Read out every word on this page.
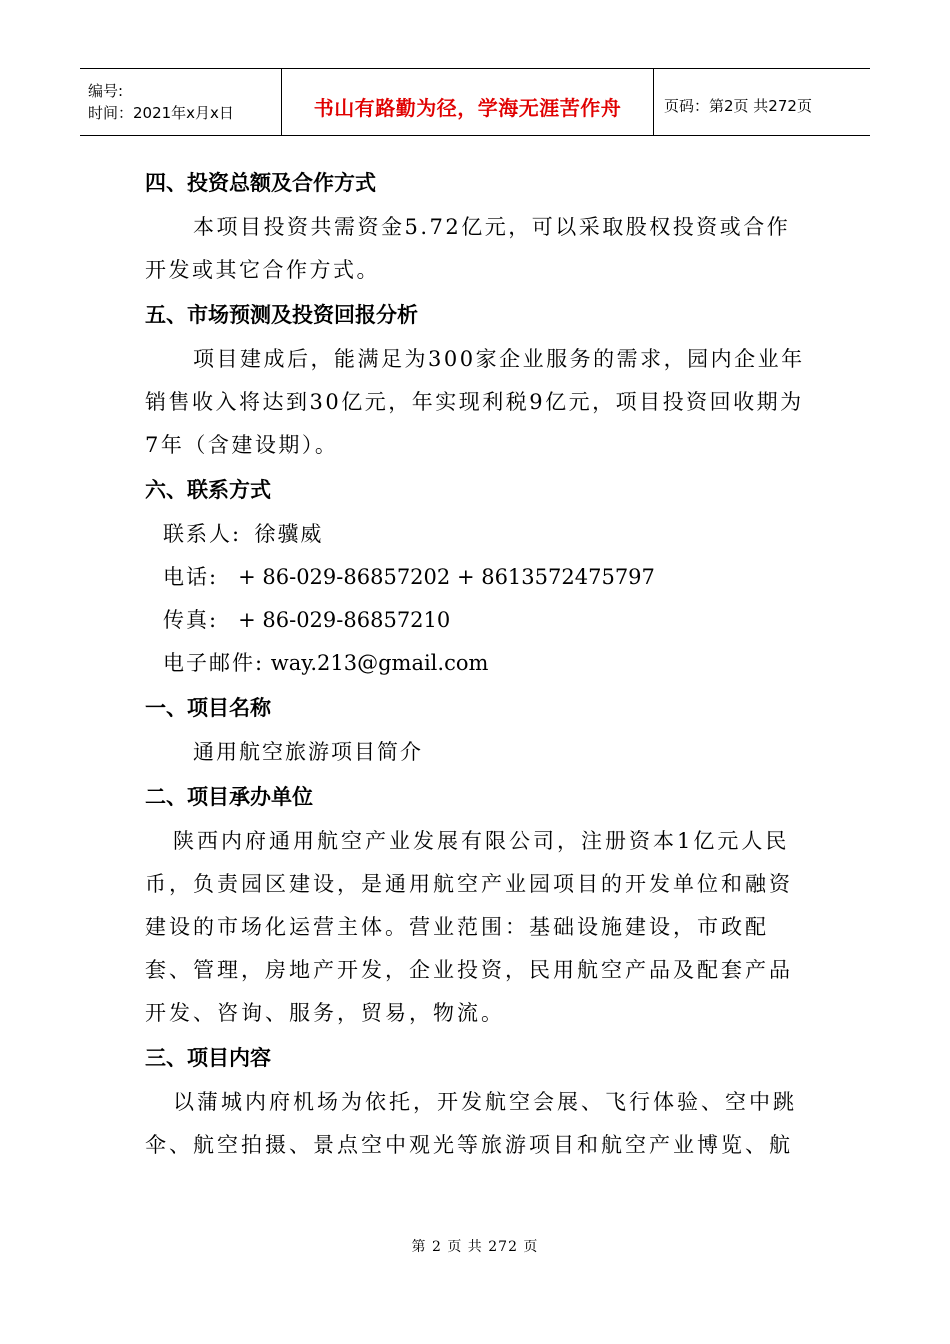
编号:
时间：2021年x月x日	书山有路勤为径，学海无涯苦作舟	页码：第2页 共272页
四、投资总额及合作方式
本项目投资共需资金5.72亿元，可以采取股权投资或合作开发或其它合作方式。
五、市场预测及投资回报分析
项目建成后，能满足为300家企业服务的需求，园内企业年销售收入将达到30亿元，年实现利税9亿元，项目投资回收期为7年（含建设期）。
六、联系方式
联系人: 徐骥威
电话: + 86-029-86857202 + 8613572475797
传真: + 86-029-86857210
电子邮件: way.213@gmail.com
一、项目名称
通用航空旅游项目简介
二、项目承办单位
陕西内府通用航空产业发展有限公司，注册资本1亿元人民币，负责园区建设，是通用航空产业园项目的开发单位和融资建设的市场化运营主体。营业范围：基础设施建设，市政配套、管理，房地产开发，企业投资，民用航空产品及配套产品开发、咨询、服务，贸易，物流。
三、项目内容
以蒲城内府机场为依托，开发航空会展、飞行体验、空中跳伞、航空拍摄、景点空中观光等旅游项目和航空产业博览、航
第 2 页 共 272 页
